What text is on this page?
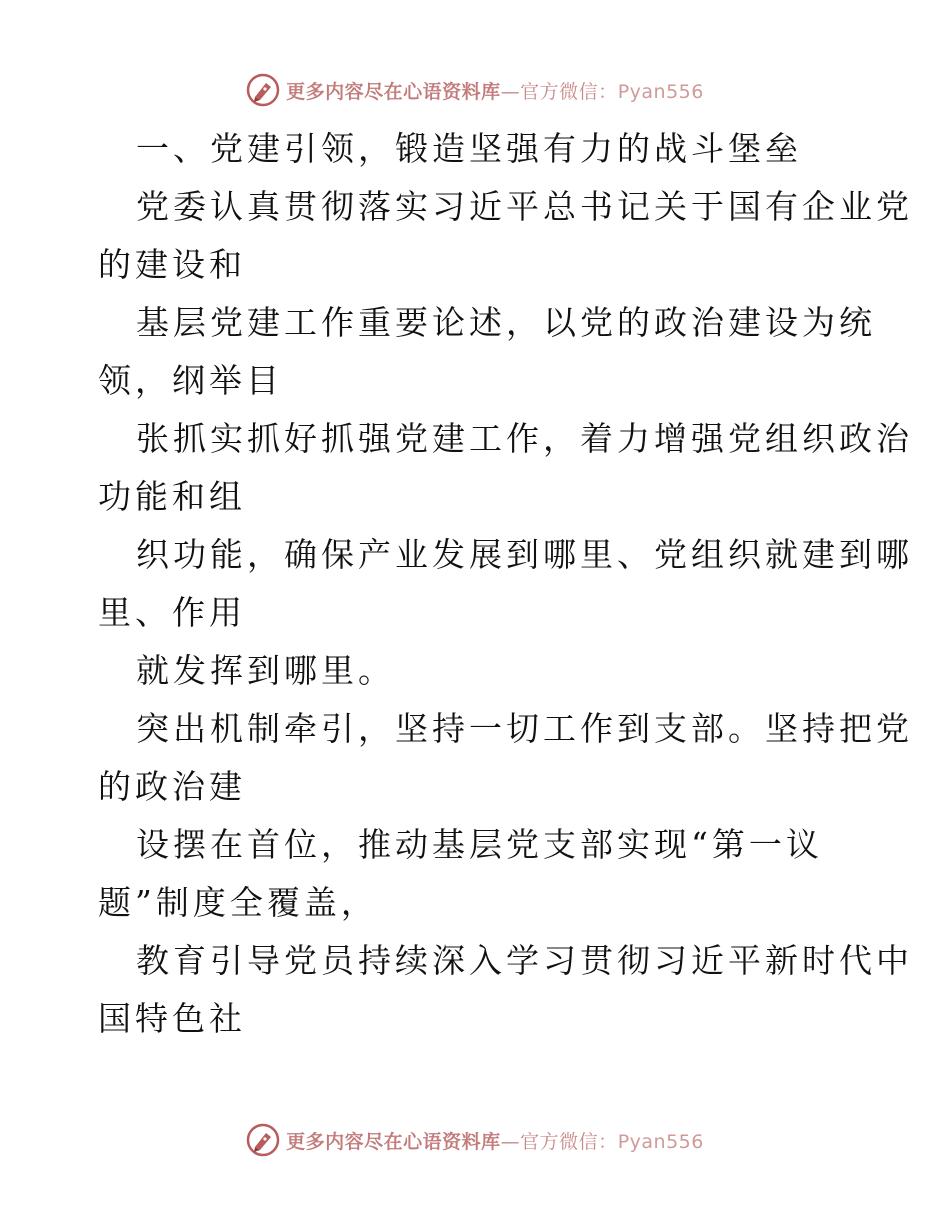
更多内容尽在心语资料库—官方微信：Pyan556
一、党建引领，锻造坚强有力的战斗堡垒
党委认真贯彻落实习近平总书记关于国有企业党
的建设和
基层党建工作重要论述，以党的政治建设为统
领，纲举目
张抓实抓好抓强党建工作，着力增强党组织政治
功能和组
织功能，确保产业发展到哪里、党组织就建到哪
里、作用
就发挥到哪里。
突出机制牵引，坚持一切工作到支部。坚持把党
的政治建
设摆在首位，推动基层党支部实现“第一议
题”制度全覆盖，
教育引导党员持续深入学习贯彻习近平新时代中
国特色社
更多内容尽在心语资料库—官方微信：Pyan556
